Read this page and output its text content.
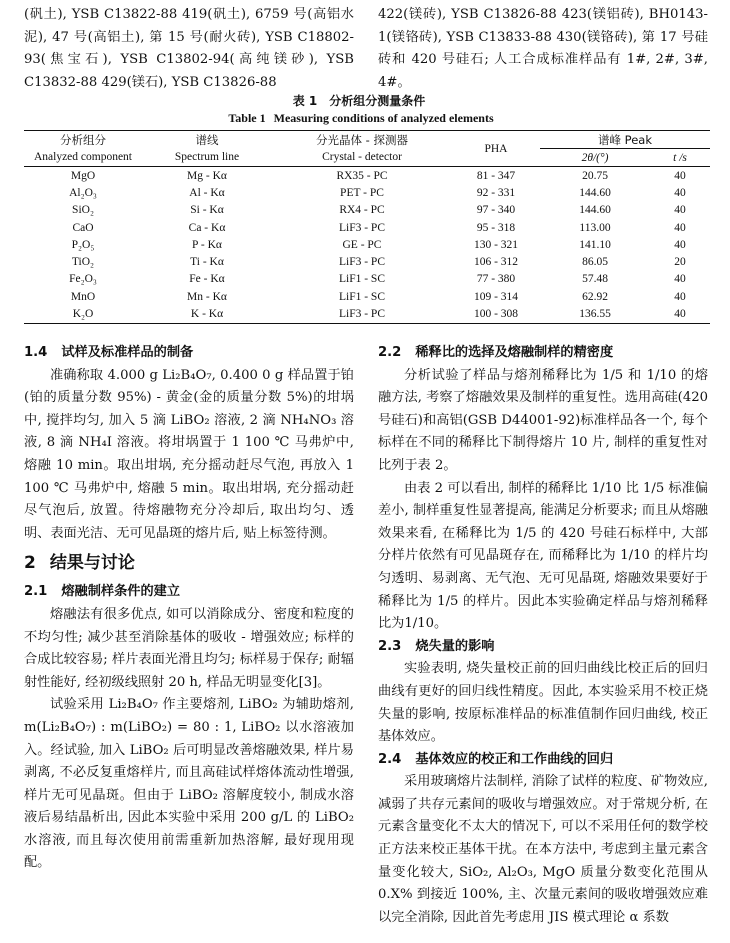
(矾土), YSB C13822-88 419(矾土), 6759 号(高铝水泥), 47 号(高铝土), 第 15 号(耐火砖), YSB C18802-93(焦宝石), YSB C13802-94(高纯镁砂), YSB C13832-88 429(镁石), YSB C13826-88

422(镁砖), YSB C13826-88 423(镁铝砖), BH0143-1(镁铬砖), YSB C13833-88 430(镁铬砖), 第 17 号硅砖和 420 号硅石; 人工合成标准样品有 1#, 2#, 3#, 4#。

表 1 分析组分测量条件
Table 1 Measuring conditions of analyzed elements
分析组分	谱线	分光晶体 - 探测器	PHA	谱峰 Peak	
Analyzed component	Spectrum line	Crystal - detector		2θ/(°)	t /s
MgO	Mg - Kα	RX35 - PC	81 - 347	20.75	40
Al₂O₃	Al - Kα	PET - PC	92 - 331	144.60	40
SiO₂	Si - Kα	RX4 - PC	97 - 340	144.60	40
CaO	Ca - Kα	LiF3 - PC	95 - 318	113.00	40
P₂O₅	P - Kα	GE - PC	130 - 321	141.10	40
TiO₂	Ti - Kα	LiF3 - PC	106 - 312	86.05	20
Fe₂O₃	Fe - Kα	LiF1 - SC	77 - 380	57.48	40
MnO	Mn - Kα	LiF1 - SC	109 - 314	62.92	40
K₂O	K - Kα	LiF3 - PC	100 - 308	136.55	40
1.4 试样及标准样品的制备

准确称取 4.000 g Li₂B₄O₇, 0.400 0 g 样品置于铂(铂的质量分数 95%) - 黄金(金的质量分数 5%)的坩埚中, 搅拌均匀, 加入 5 滴 LiBO₂ 溶液, 2 滴 NH₄NO₃ 溶液, 8 滴 NH₄I 溶液。将坩埚置于 1 100 ℃ 马弗炉中, 熔融 10 min。取出坩埚, 充分摇动赶尽气泡, 再放入 1 100 ℃ 马弗炉中, 熔融 5 min。取出坩埚, 充分摇动赶尽气泡后, 放置。待熔融物充分冷却后, 取出均匀、透明、表面光洁、无可见晶斑的熔片后, 贴上标签待测。

2 结果与讨论
2.1 熔融制样条件的建立

熔融法有很多优点, 如可以消除成分、密度和粒度的不均匀性; 减少甚至消除基体的吸收 - 增强效应; 标样的合成比较容易; 样片表面光滑且均匀; 标样易于保存; 耐辐射性能好, 经初级线照射 20 h, 样品无明显变化[3]。

试验采用 Li₂B₄O₇ 作主要熔剂, LiBO₂ 为辅助熔剂, m(Li₂B₄O₇) : m(LiBO₂) = 80 : 1, LiBO₂ 以水溶液加入。经试验, 加入 LiBO₂ 后可明显改善熔融效果, 样片易剥离, 不必反复重熔样片, 而且高硅试样熔体流动性增强, 样片无可见晶斑。但由于 LiBO₂ 溶解度较小, 制成水溶液后易结晶析出, 因此本实验中采用 200 g/L 的 LiBO₂ 水溶液, 而且每次使用前需重新加热溶解, 最好现用现配。

2.2 稀释比的选择及熔融制样的精密度

分析试验了样品与熔剂稀释比为 1/5 和 1/10 的熔融方法, 考察了熔融效果及制样的重复性。选用高硅(420 号硅石)和高铝(GSB D44001-92)标准样品各一个, 每个标样在不同的稀释比下制得熔片 10 片, 制样的重复性对比列于表 2。

由表 2 可以看出, 制样的稀释比 1/10 比 1/5 标准偏差小, 制样重复性显著提高, 能满足分析要求; 而且从熔融效果来看, 在稀释比为 1/5 的 420 号硅石标样中, 大部分样片依然有可见晶斑存在, 而稀释比为 1/10 的样片均匀透明、易剥离、无气泡、无可见晶斑, 熔融效果要好于稀释比为 1/5 的样片。因此本实验确定样品与熔剂稀释比为1/10。

2.3 烧失量的影响

实验表明, 烧失量校正前的回归曲线比校正后的回归曲线有更好的回归线性精度。因此, 本实验采用不校正烧失量的影响, 按原标准样品的标准值制作回归曲线, 校正基体效应。

2.4 基体效应的校正和工作曲线的回归

采用玻璃熔片法制样, 消除了试样的粒度、矿物效应, 减弱了共存元素间的吸收与增强效应。对于常规分析, 在元素含量变化不太大的情况下, 可以不采用任何的数学校正方法来校正基体干扰。在本方法中, 考虑到主量元素含量变化较大, SiO₂, Al₂O₃, MgO 质量分数变化范围从 0.X% 到接近 100%, 主、次量元素间的吸收增强效应难以完全消除, 因此首先考虑用 JIS 模式理论 α 系数
